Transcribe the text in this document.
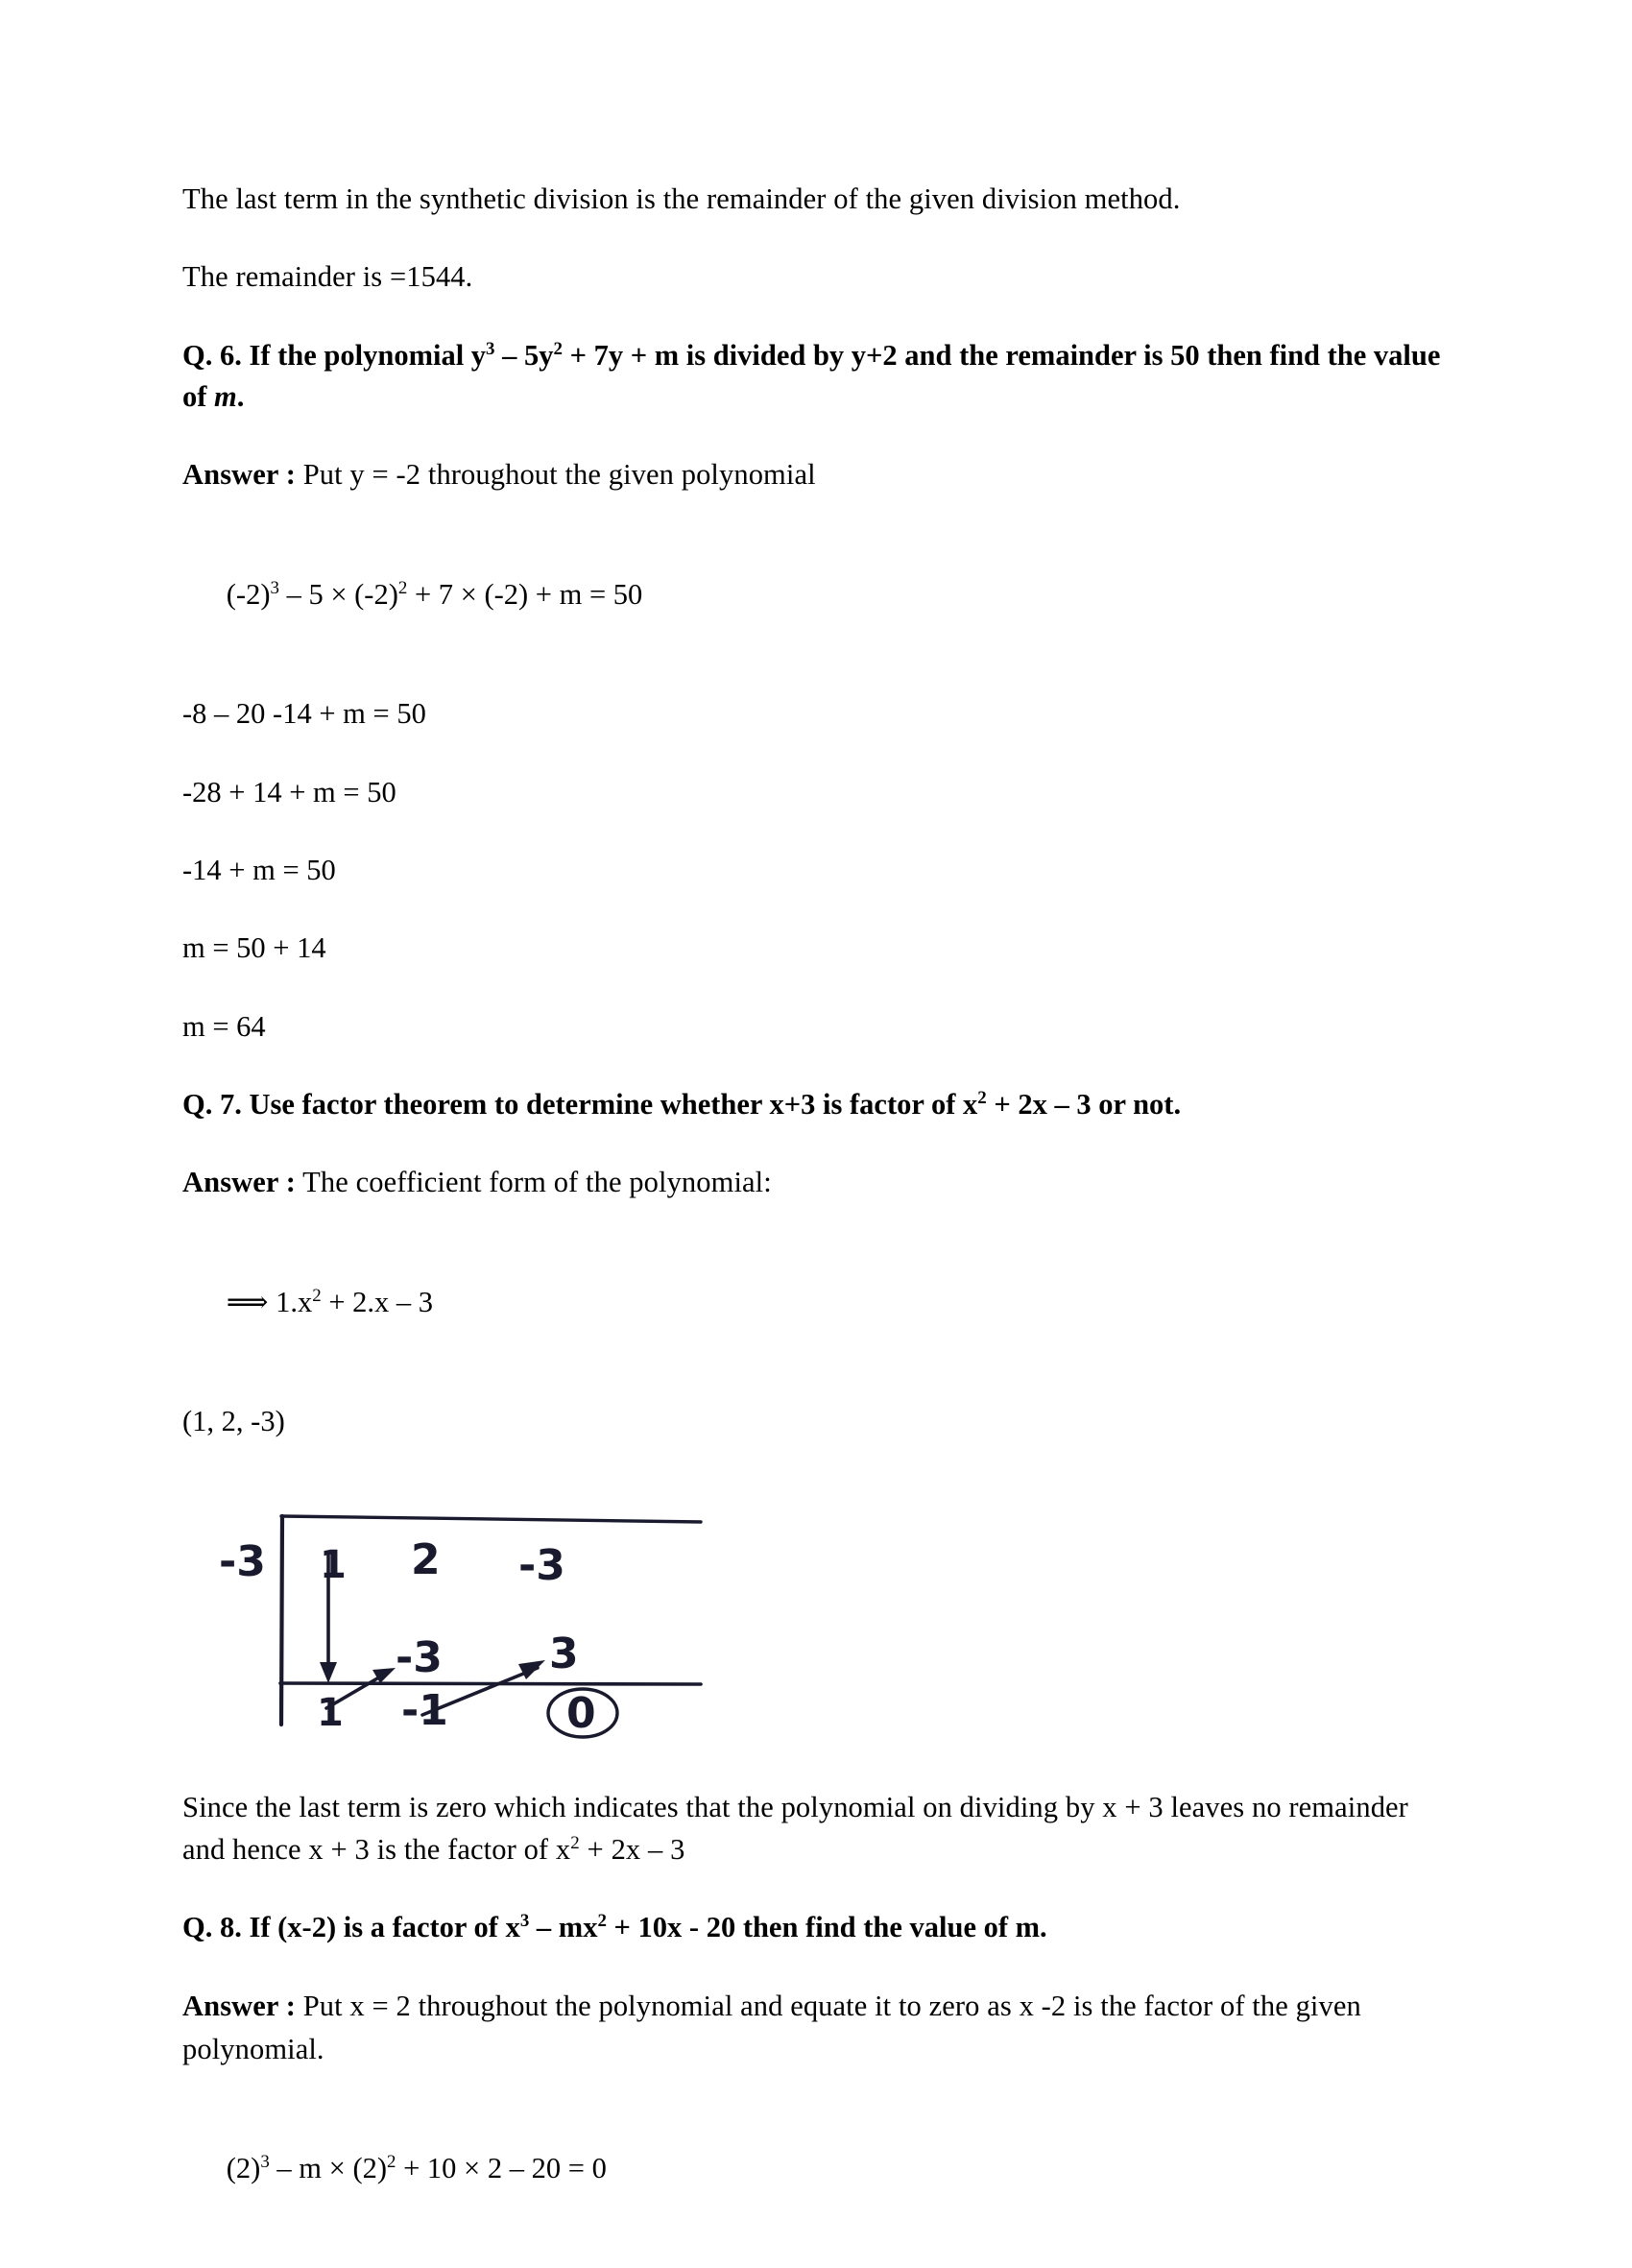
The last term in the synthetic division is the remainder of the given division method.

The remainder is =1544.

Q. 6. If the polynomial $y^3 - 5y^2 + 7y + m$ is divided by y+2 and the remainder is 50 then find the value of m.

Answer : Put y = -2 throughout the given polynomial

$(-2)^3 - 5 \times (-2)^2 + 7 \times (-2) + m = 50$

-8 – 20 -14 + m = 50

-28 + 14 + m = 50

-14 + m = 50

m = 50 + 14

m = 64

Q. 7. Use factor theorem to determine whether x+3 is factor of $x^2 + 2x - 3$ or not.

Answer : The coefficient form of the polynomial:

⟹ $1.x^2 + 2.x - 3$

(1, 2, -3)

-3 1 2 -3
-3	3
1 -1	0

Since the last term is zero which indicates that the polynomial on dividing by x + 3 leaves no remainder and hence x + 3 is the factor of $x^2 + 2x - 3$

Q. 8. If (x-2) is a factor of $x^3 - mx^2 + 10x - 20$ then find the value of m.

Answer : Put x = 2 throughout the polynomial and equate it to zero as x -2 is the factor of the given polynomial.

$(2)^3 - m \times (2)^2 + 10 \times 2 - 20 = 0$
